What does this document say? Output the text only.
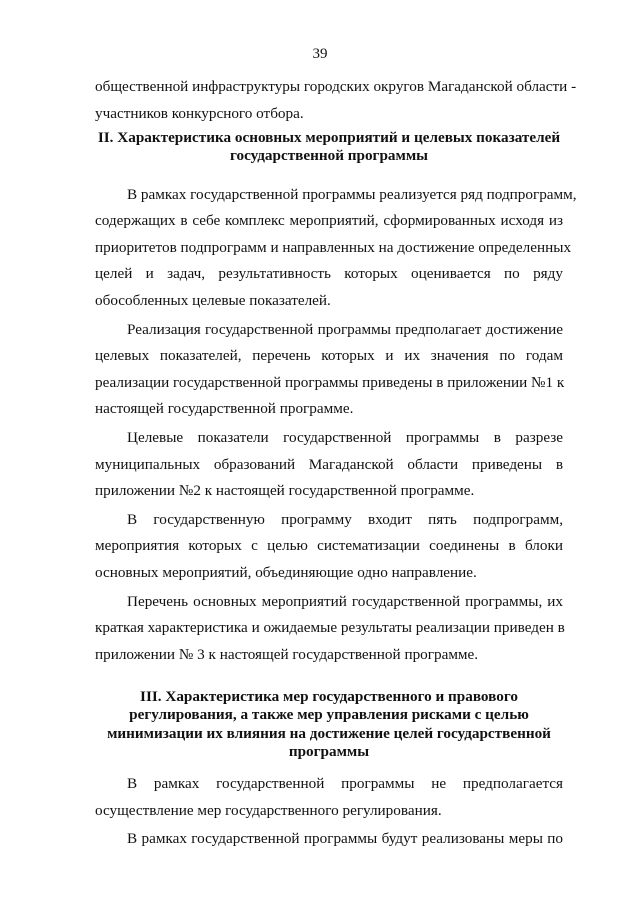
39
общественной инфраструктуры городских округов Магаданской области -
участников конкурсного отбора.
II. Характеристика основных мероприятий и целевых показателей
государственной программы
В рамках государственной программы реализуется ряд подпрограмм,
содержащих в себе комплекс мероприятий, сформированных исходя из
приоритетов подпрограмм и направленных на достижение определенных
целей и задач, результативность которых оценивается по ряду
обособленных целевые показателей.
Реализация государственной программы предполагает достижение
целевых показателей, перечень которых и их значения по годам
реализации государственной программы приведены в приложении №1 к
настоящей государственной программе.
Целевые показатели государственной программы в разрезе
муниципальных образований Магаданской области приведены в
приложении №2 к настоящей государственной программе.
В государственную программу входит пять подпрограмм,
мероприятия которых с целью систематизации соединены в блоки
основных мероприятий, объединяющие одно направление.
Перечень основных мероприятий государственной программы, их
краткая характеристика и ожидаемые результаты реализации приведен в
приложении № 3 к настоящей государственной программе.
III. Характеристика мер государственного и правового
регулирования, а также мер управления рисками с целью
минимизации их влияния на достижение целей государственной
программы
В рамках государственной программы не предполагается
осуществление мер государственного регулирования.
В рамках государственной программы будут реализованы меры по
